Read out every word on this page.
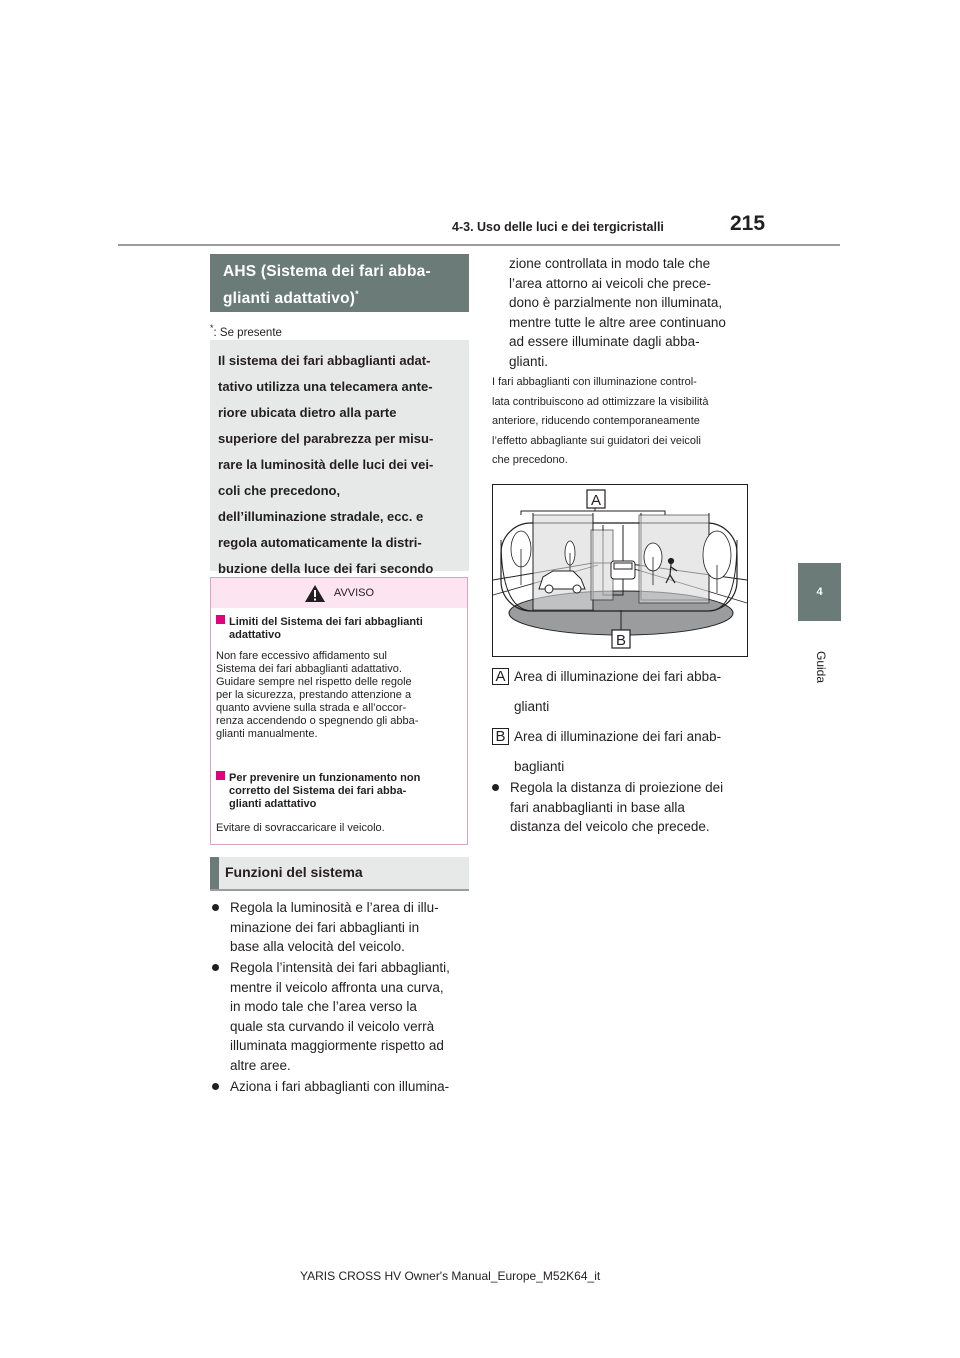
4-3. Uso delle luci e dei tergicristalli	215
4
Guida
AHS (Sistema dei fari abba-
glianti adattativo)*
*: Se presente
Il sistema dei fari abbaglianti adat-
tativo utilizza una telecamera ante-
riore ubicata dietro alla parte
superiore del parabrezza per misu-
rare la luminosità delle luci dei vei-
coli che precedono,
dell’illuminazione stradale, ecc. e
regola automaticamente la distri-
buzione della luce dei fari secondo
AVVISO
Limiti del Sistema dei fari abbaglianti
adattativo
Non fare eccessivo affidamento sul
Sistema dei fari abbaglianti adattativo.
Guidare sempre nel rispetto delle regole
per la sicurezza, prestando attenzione a
quanto avviene sulla strada e all’occor-
renza accendendo o spegnendo gli abba-
glianti manualmente.
Per prevenire un funzionamento non
corretto del Sistema dei fari abba-
glianti adattativo
Evitare di sovraccaricare il veicolo.
Funzioni del sistema
Regola la luminosità e l’area di illu-
minazione dei fari abbaglianti in
base alla velocità del veicolo.
Regola l’intensità dei fari abbaglianti,
mentre il veicolo affronta una curva,
in modo tale che l’area verso la
quale sta curvando il veicolo verrà
illuminata maggiormente rispetto ad
altre aree.
Aziona i fari abbaglianti con illumina-
zione controllata in modo tale che
l’area attorno ai veicoli che prece-
dono è parzialmente non illuminata,
mentre tutte le altre aree continuano
ad essere illuminate dagli abba-
glianti.
I fari abbaglianti con illuminazione control-
lata contribuiscono ad ottimizzare la visibilità
anteriore, riducendo contemporaneamente
l’effetto abbagliante sui guidatori dei veicoli
che precedono.
A
B
A Area di illuminazione dei fari abba-
glianti
B Area di illuminazione dei fari anab-
baglianti
Regola la distanza di proiezione dei
fari anabbaglianti in base alla
distanza del veicolo che precede.
YARIS CROSS HV Owner's Manual_Europe_M52K64_it
